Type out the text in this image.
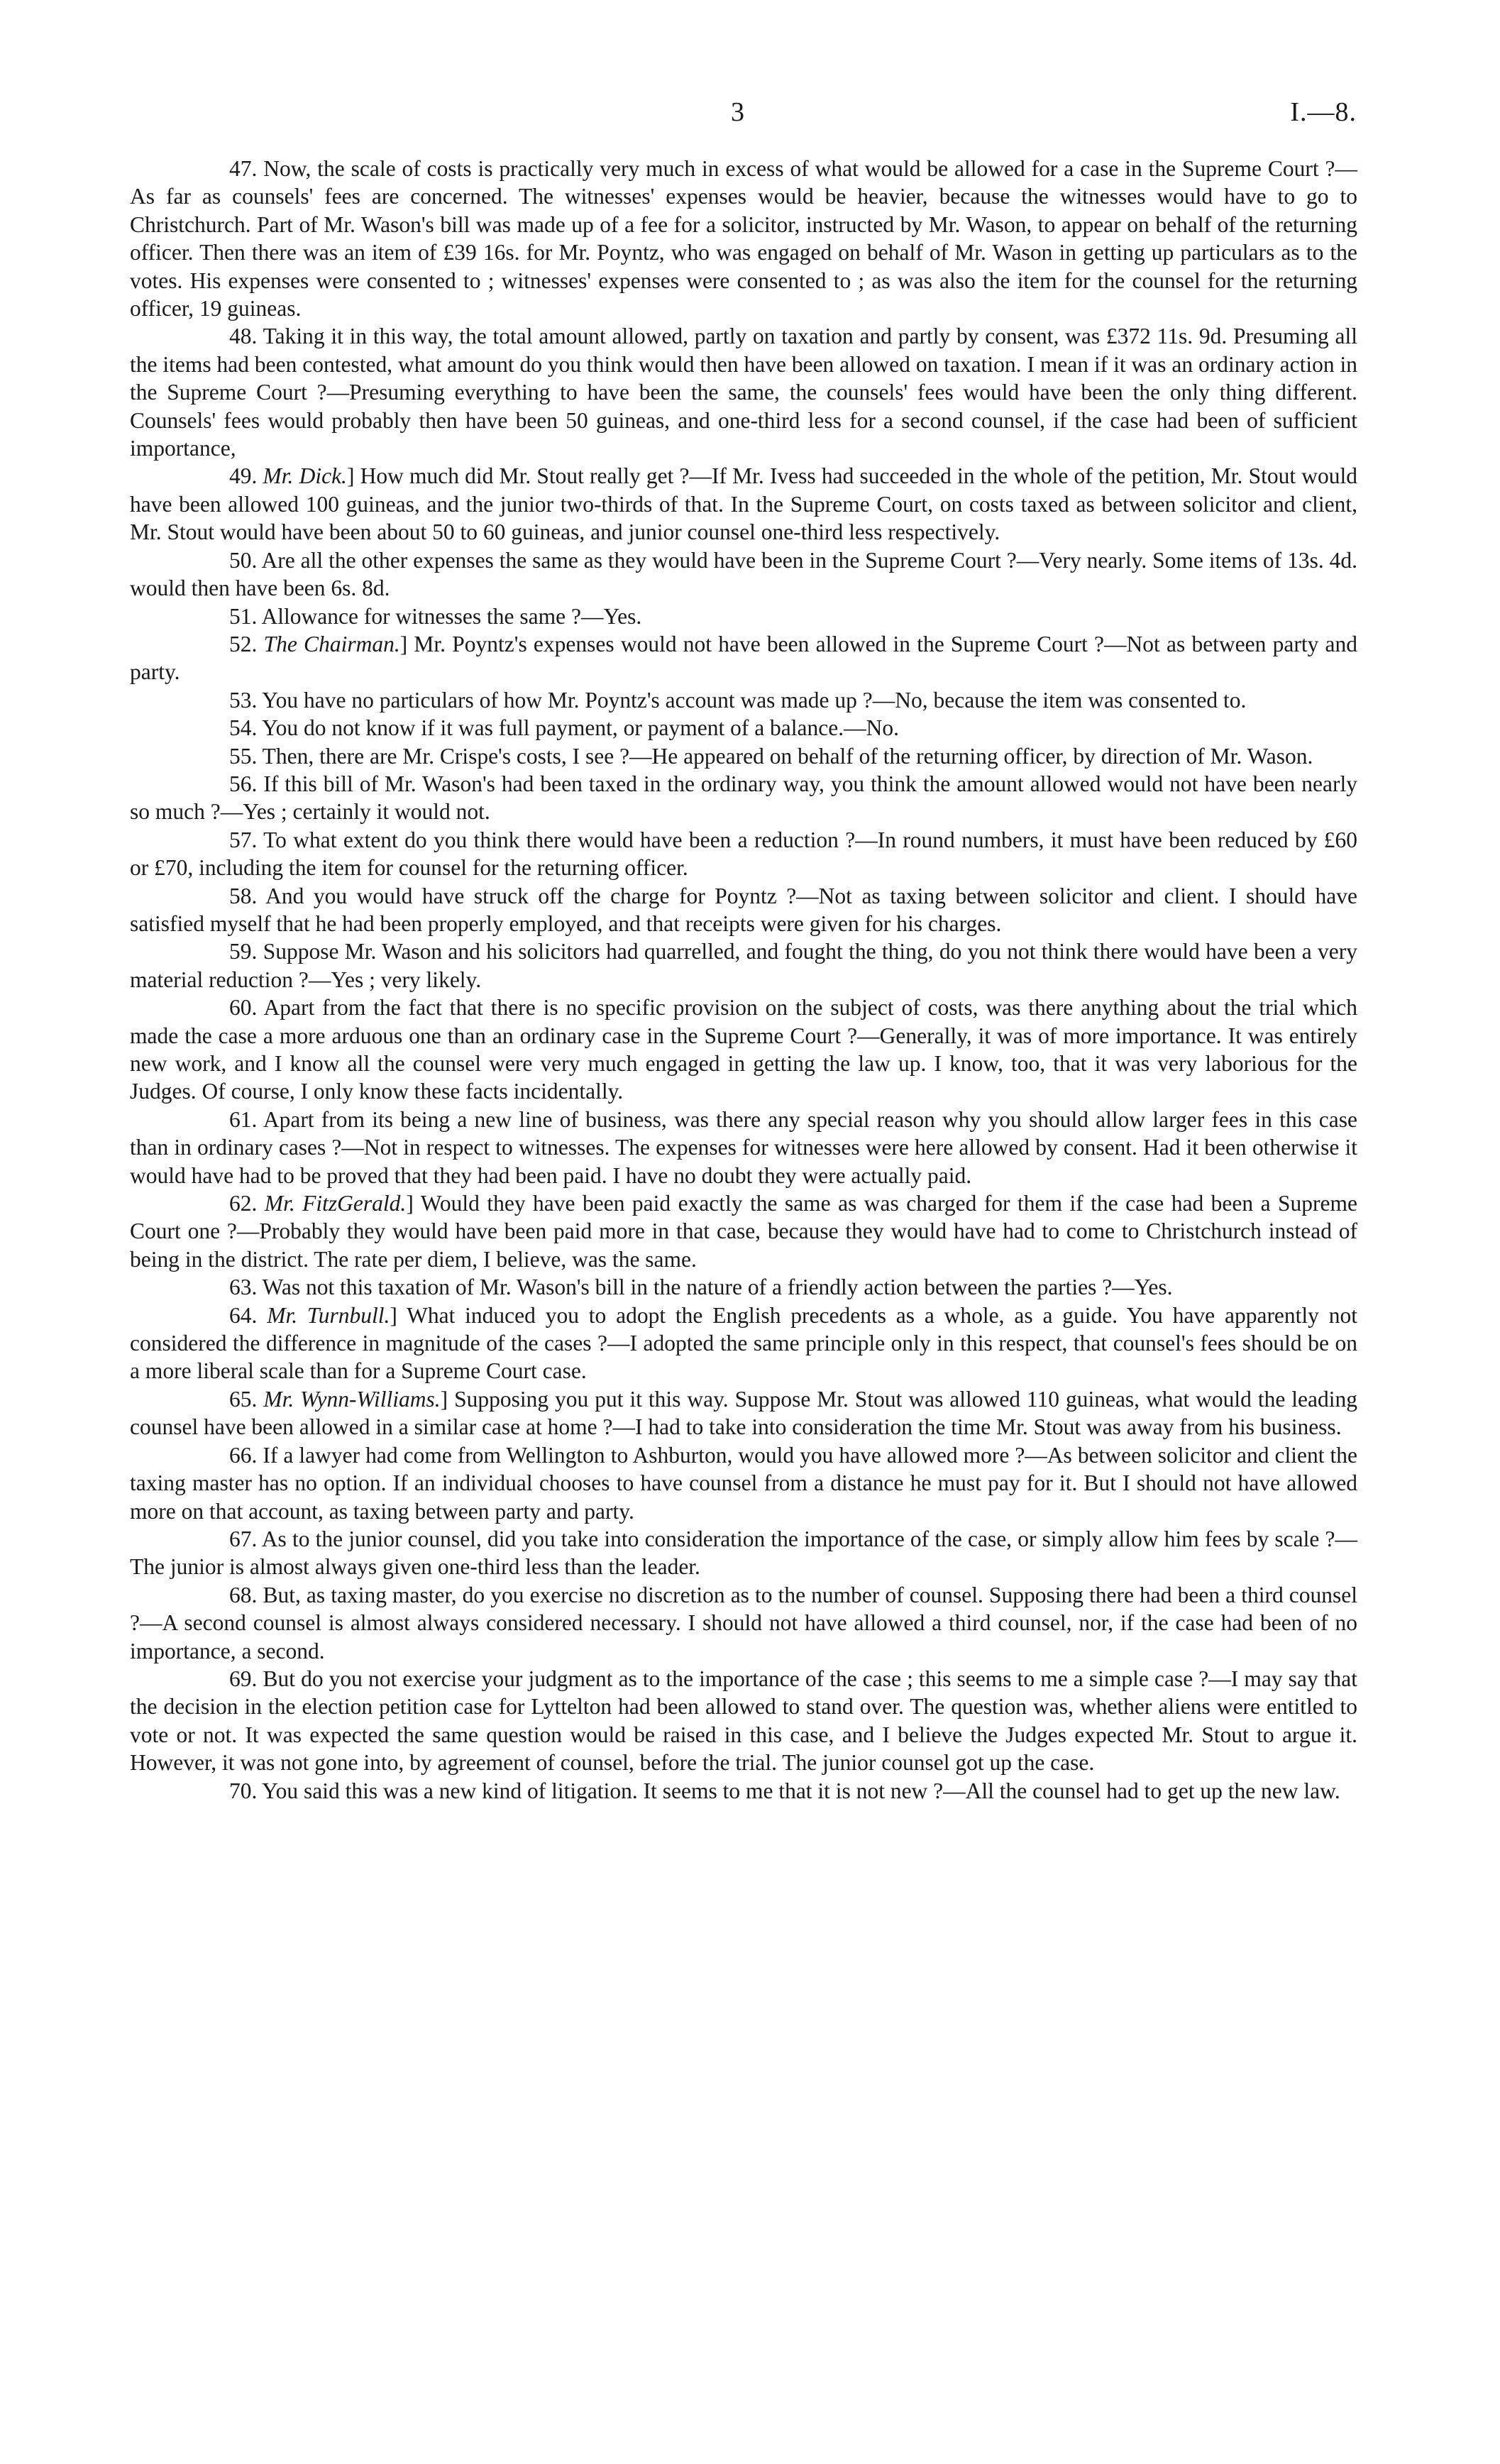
3	I.—8.

47. Now, the scale of costs is practically very much in excess of what would be allowed for a case in the Supreme Court ?—As far as counsels' fees are concerned. The witnesses' expenses would be heavier, because the witnesses would have to go to Christchurch. Part of Mr. Wason's bill was made up of a fee for a solicitor, instructed by Mr. Wason, to appear on behalf of the returning officer. Then there was an item of £39 16s. for Mr. Poyntz, who was engaged on behalf of Mr. Wason in getting up particulars as to the votes. His expenses were consented to ; witnesses' expenses were consented to ; as was also the item for the counsel for the returning officer, 19 guineas.

48. Taking it in this way, the total amount allowed, partly on taxation and partly by consent, was £372 11s. 9d. Presuming all the items had been contested, what amount do you think would then have been allowed on taxation. I mean if it was an ordinary action in the Supreme Court ?—Presuming everything to have been the same, the counsels' fees would have been the only thing different. Counsels' fees would probably then have been 50 guineas, and one-third less for a second counsel, if the case had been of sufficient importance,

49. Mr. Dick.] How much did Mr. Stout really get ?—If Mr. Ivess had succeeded in the whole of the petition, Mr. Stout would have been allowed 100 guineas, and the junior two-thirds of that. In the Supreme Court, on costs taxed as between solicitor and client, Mr. Stout would have been about 50 to 60 guineas, and junior counsel one-third less respectively.

50. Are all the other expenses the same as they would have been in the Supreme Court ?—Very nearly. Some items of 13s. 4d. would then have been 6s. 8d.

51. Allowance for witnesses the same ?—Yes.

52. The Chairman.] Mr. Poyntz's expenses would not have been allowed in the Supreme Court ?—Not as between party and party.

53. You have no particulars of how Mr. Poyntz's account was made up ?—No, because the item was consented to.

54. You do not know if it was full payment, or payment of a balance.—No.

55. Then, there are Mr. Crispe's costs, I see ?—He appeared on behalf of the returning officer, by direction of Mr. Wason.

56. If this bill of Mr. Wason's had been taxed in the ordinary way, you think the amount allowed would not have been nearly so much ?—Yes ; certainly it would not.

57. To what extent do you think there would have been a reduction ?—In round numbers, it must have been reduced by £60 or £70, including the item for counsel for the returning officer.

58. And you would have struck off the charge for Poyntz ?—Not as taxing between solicitor and client. I should have satisfied myself that he had been properly employed, and that receipts were given for his charges.

59. Suppose Mr. Wason and his solicitors had quarrelled, and fought the thing, do you not think there would have been a very material reduction ?—Yes ; very likely.

60. Apart from the fact that there is no specific provision on the subject of costs, was there anything about the trial which made the case a more arduous one than an ordinary case in the Supreme Court ?—Generally, it was of more importance. It was entirely new work, and I know all the counsel were very much engaged in getting the law up. I know, too, that it was very laborious for the Judges. Of course, I only know these facts incidentally.

61. Apart from its being a new line of business, was there any special reason why you should allow larger fees in this case than in ordinary cases ?—Not in respect to witnesses. The expenses for witnesses were here allowed by consent. Had it been otherwise it would have had to be proved that they had been paid. I have no doubt they were actually paid.

62. Mr. FitzGerald.] Would they have been paid exactly the same as was charged for them if the case had been a Supreme Court one ?—Probably they would have been paid more in that case, because they would have had to come to Christchurch instead of being in the district. The rate per diem, I believe, was the same.

63. Was not this taxation of Mr. Wason's bill in the nature of a friendly action between the parties ?—Yes.

64. Mr. Turnbull.] What induced you to adopt the English precedents as a whole, as a guide. You have apparently not considered the difference in magnitude of the cases ?—I adopted the same principle only in this respect, that counsel's fees should be on a more liberal scale than for a Supreme Court case.

65. Mr. Wynn-Williams.] Supposing you put it this way. Suppose Mr. Stout was allowed 110 guineas, what would the leading counsel have been allowed in a similar case at home ?—I had to take into consideration the time Mr. Stout was away from his business.

66. If a lawyer had come from Wellington to Ashburton, would you have allowed more ?—As between solicitor and client the taxing master has no option. If an individual chooses to have counsel from a distance he must pay for it. But I should not have allowed more on that account, as taxing between party and party.

67. As to the junior counsel, did you take into consideration the importance of the case, or simply allow him fees by scale ?—The junior is almost always given one-third less than the leader.

68. But, as taxing master, do you exercise no discretion as to the number of counsel. Supposing there had been a third counsel ?—A second counsel is almost always considered necessary. I should not have allowed a third counsel, nor, if the case had been of no importance, a second.

69. But do you not exercise your judgment as to the importance of the case ; this seems to me a simple case ?—I may say that the decision in the election petition case for Lyttelton had been allowed to stand over. The question was, whether aliens were entitled to vote or not. It was expected the same question would be raised in this case, and I believe the Judges expected Mr. Stout to argue it. However, it was not gone into, by agreement of counsel, before the trial. The junior counsel got up the case.

70. You said this was a new kind of litigation. It seems to me that it is not new ?—All the counsel had to get up the new law.
